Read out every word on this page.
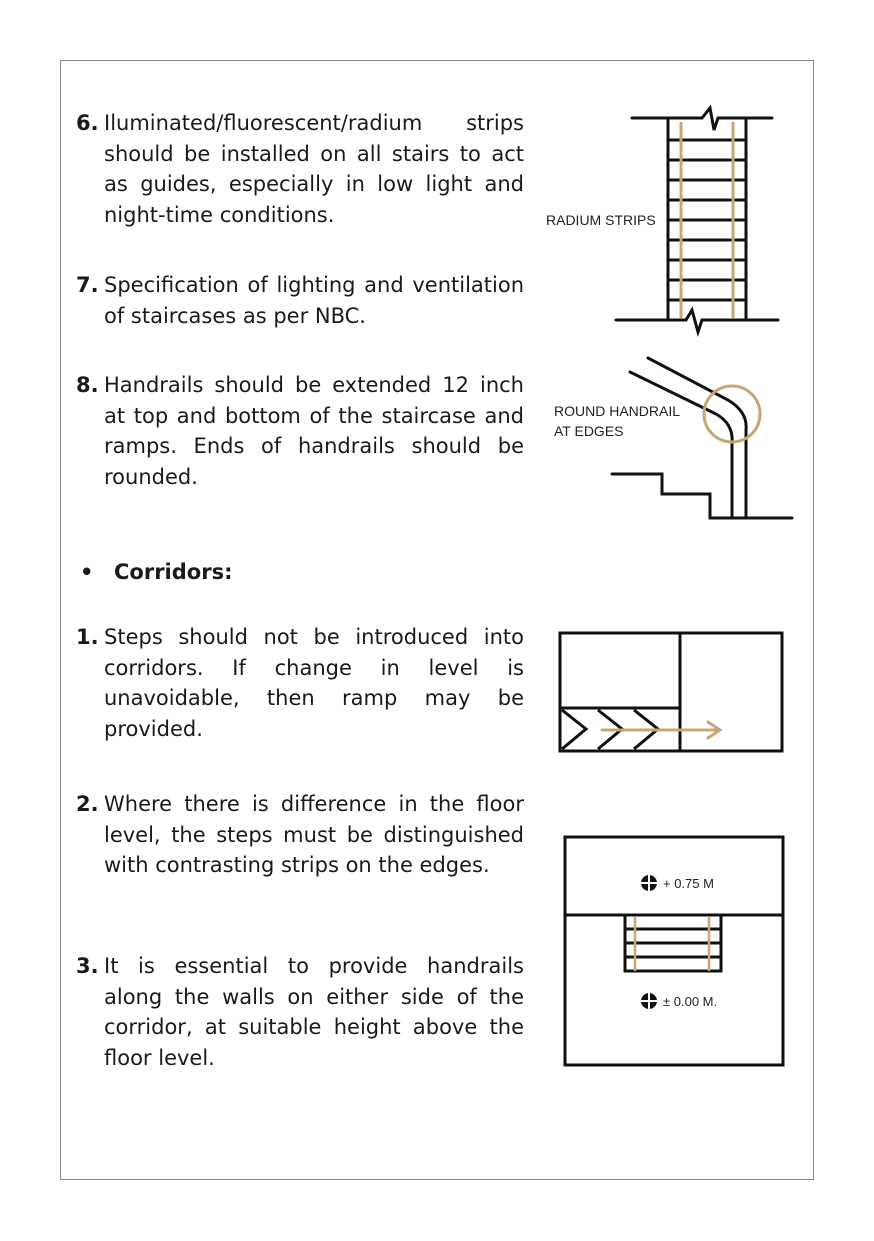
6. Iluminated/fluorescent/radium strips should be installed on all stairs to act as guides, especially in low light and night-time conditions.
7. Specification of lighting and ventilation of staircases as per NBC.
8. Handrails should be extended 12 inch at top and bottom of the staircase and ramps. Ends of handrails should be rounded.
• Corridors:
1. Steps should not be introduced into corridors. If change in level is unavoidable, then ramp may be provided.
2. Where there is difference in the floor level, the steps must be distinguished with contrasting strips on the edges.
3. It is essential to provide handrails along the walls on either side of the corridor, at suitable height above the floor level.
RADIUM STRIPS
ROUND HANDRAIL
AT EDGES
+ 0.75 M
± 0.00 M.
